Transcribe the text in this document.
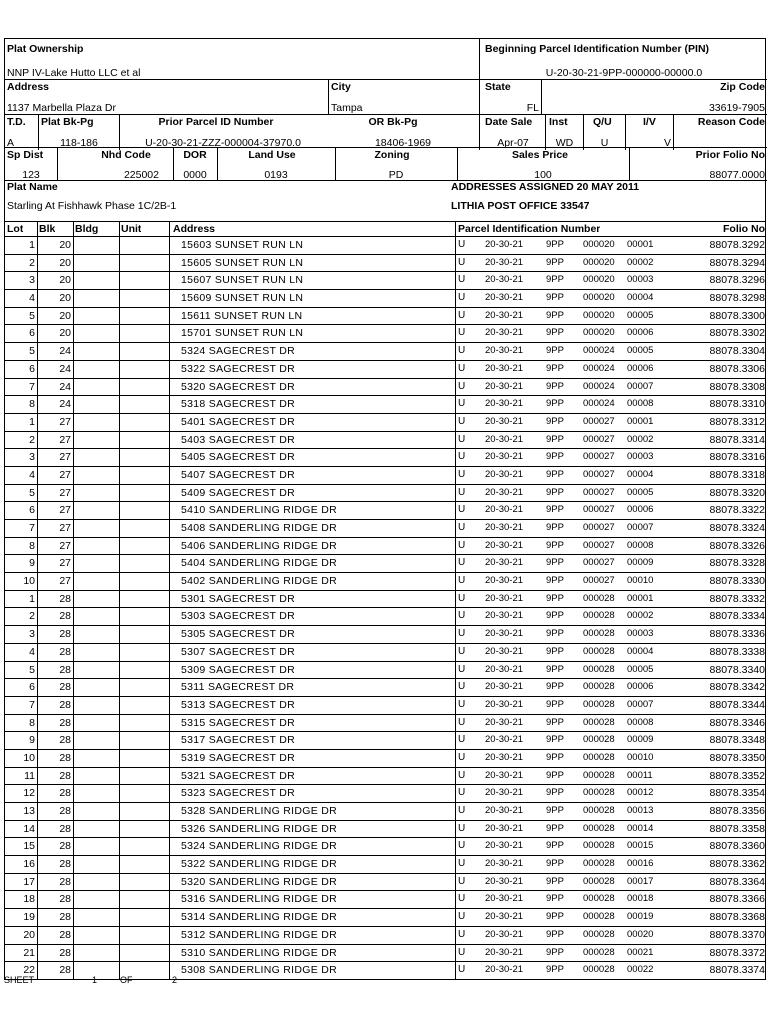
Plat Ownership	Beginning Parcel Identification Number (PIN)
NNP IV-Lake Hutto LLC et al	U-20-30-21-9PP-000000-00000.0
Address	City	State	Zip Code
1137 Marbella Plaza Dr	Tampa	FL	33619-7905
T.D. Plat Bk-Pg	Prior Parcel ID Number	OR Bk-Pg	Date Sale Inst Q/U	I/V	Reason Code
A	118-186	U-20-30-21-ZZZ-000004-37970.0	18406-1969	Apr-07	WD	U	V
Sp Dist	Nhd Code	DOR	Land Use	Zoning	Sales Price	Prior Folio No
123	225002	0000	0193	PD	100	88077.0000
Plat Name	ADDRESSES ASSIGNED 20 MAY 2011
Starling At Fishhawk Phase 1C/2B-1	LITHIA POST OFFICE 33547
Lot Blk Bldg Unit	Address	Parcel Identification Number	Folio No
1	20	15603 SUNSET RUN LN	U 20-30-21 9PP 000020 00001	88078.3292
2	20	15605 SUNSET RUN LN	U 20-30-21 9PP 000020 00002	88078.3294
3	20	15607 SUNSET RUN LN	U 20-30-21 9PP 000020 00003	88078.3296
4	20	15609 SUNSET RUN LN	U 20-30-21 9PP 000020 00004	88078.3298
5	20	15611 SUNSET RUN LN	U 20-30-21 9PP 000020 00005	88078.3300
6	20	15701 SUNSET RUN LN	U 20-30-21 9PP 000020 00006	88078.3302
5	24	5324 SAGECREST DR	U 20-30-21 9PP 000024 00005	88078.3304
6	24	5322 SAGECREST DR	U 20-30-21 9PP 000024 00006	88078.3306
7	24	5320 SAGECREST DR	U 20-30-21 9PP 000024 00007	88078.3308
8	24	5318 SAGECREST DR	U 20-30-21 9PP 000024 00008	88078.3310
1	27	5401 SAGECREST DR	U 20-30-21 9PP 000027 00001	88078.3312
2	27	5403 SAGECREST DR	U 20-30-21 9PP 000027 00002	88078.3314
3	27	5405 SAGECREST DR	U 20-30-21 9PP 000027 00003	88078.3316
4	27	5407 SAGECREST DR	U 20-30-21 9PP 000027 00004	88078.3318
5	27	5409 SAGECREST DR	U 20-30-21 9PP 000027 00005	88078.3320
6	27	5410 SANDERLING RIDGE DR	U 20-30-21 9PP 000027 00006	88078.3322
7	27	5408 SANDERLING RIDGE DR	U 20-30-21 9PP 000027 00007	88078.3324
8	27	5406 SANDERLING RIDGE DR	U 20-30-21 9PP 000027 00008	88078.3326
9	27	5404 SANDERLING RIDGE DR	U 20-30-21 9PP 000027 00009	88078.3328
10	27	5402 SANDERLING RIDGE DR	U 20-30-21 9PP 000027 00010	88078.3330
1	28	5301 SAGECREST DR	U 20-30-21 9PP 000028 00001	88078.3332
2	28	5303 SAGECREST DR	U 20-30-21 9PP 000028 00002	88078.3334
3	28	5305 SAGECREST DR	U 20-30-21 9PP 000028 00003	88078.3336
4	28	5307 SAGECREST DR	U 20-30-21 9PP 000028 00004	88078.3338
5	28	5309 SAGECREST DR	U 20-30-21 9PP 000028 00005	88078.3340
6	28	5311 SAGECREST DR	U 20-30-21 9PP 000028 00006	88078.3342
7	28	5313 SAGECREST DR	U 20-30-21 9PP 000028 00007	88078.3344
8	28	5315 SAGECREST DR	U 20-30-21 9PP 000028 00008	88078.3346
9	28	5317 SAGECREST DR	U 20-30-21 9PP 000028 00009	88078.3348
10	28	5319 SAGECREST DR	U 20-30-21 9PP 000028 00010	88078.3350
11	28	5321 SAGECREST DR	U 20-30-21 9PP 000028 00011	88078.3352
12	28	5323 SAGECREST DR	U 20-30-21 9PP 000028 00012	88078.3354
13	28	5328 SANDERLING RIDGE DR	U 20-30-21 9PP 000028 00013	88078.3356
14	28	5326 SANDERLING RIDGE DR	U 20-30-21 9PP 000028 00014	88078.3358
15	28	5324 SANDERLING RIDGE DR	U 20-30-21 9PP 000028 00015	88078.3360
16	28	5322 SANDERLING RIDGE DR	U 20-30-21 9PP 000028 00016	88078.3362
17	28	5320 SANDERLING RIDGE DR	U 20-30-21 9PP 000028 00017	88078.3364
18	28	5316 SANDERLING RIDGE DR	U 20-30-21 9PP 000028 00018	88078.3366
19	28	5314 SANDERLING RIDGE DR	U 20-30-21 9PP 000028 00019	88078.3368
20	28	5312 SANDERLING RIDGE DR	U 20-30-21 9PP 000028 00020	88078.3370
21	28	5310 SANDERLING RIDGE DR	U 20-30-21 9PP 000028 00021	88078.3372
22	28	5308 SANDERLING RIDGE DR	U 20-30-21 9PP 000028 00022	88078.3374
SHEET	1	OF	2
